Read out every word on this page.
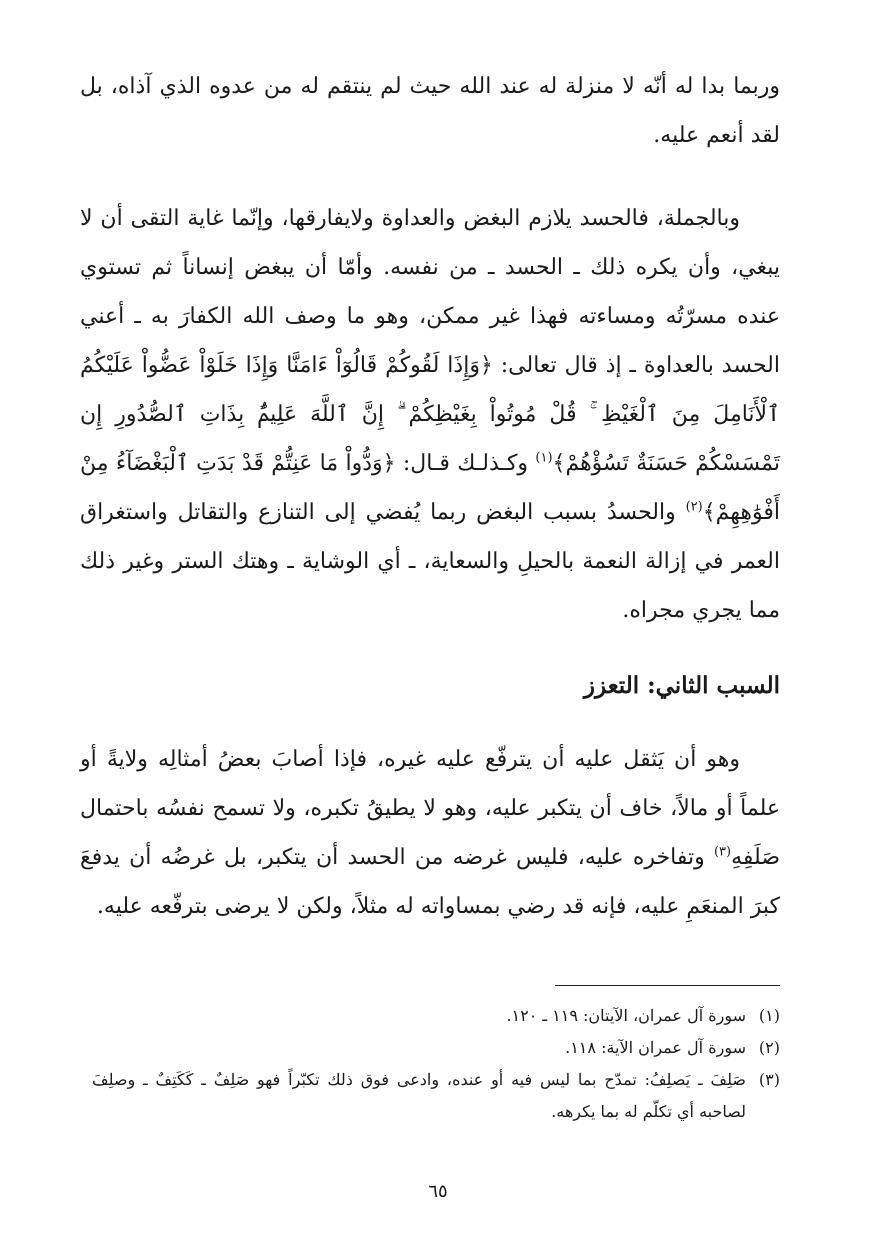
وربما بدا له أنّه لا منزلة له عند الله حيث لم ينتقم له من عدوه الذي آذاه، بل لقد أنعم عليه.

وبالجملة، فالحسد يلازم البغض والعداوة ولايفارقها، وإنّما غاية التقى أن لا يبغي، وأن يكره ذلك ـ الحسد ـ من نفسه. وأمّا أن يبغض إنساناً ثم تستوي عنده مسرّتُه ومساءته فهذا غير ممكن، وهو ما وصف الله الكفارَ به ـ أعني الحسد بالعداوة ـ إذ قال تعالى: ﴿وَإِذَا لَقُوكُمْ قَالُوٓاْ ءَامَنَّا وَإِذَا خَلَوْاْ عَضُّواْ عَلَيْكُمُ ٱلْأَنَامِلَ مِنَ ٱلْغَيْظِ ۚ قُلْ مُوتُواْ بِغَيْظِكُمْ ۗ إِنَّ ٱللَّهَ عَلِيمٌۢ بِذَاتِ ٱلصُّدُورِ إِن تَمْسَسْكُمْ حَسَنَةٌ تَسُؤْهُمْ﴾$^{(١)}$ وكـذلـك قـال: ﴿وَدُّواْ مَا عَنِتُّمْ قَدْ بَدَتِ ٱلْبَغْضَآءُ مِنْ أَفْوَٰهِهِمْ﴾$^{(٢)}$ والحسدُ بسبب البغض ربما يُفضي إلى التنازع والتقاتل واستغراق العمر في إزالة النعمة بالحيلِ والسعاية، ـ أي الوشاية ـ وهتك الستر وغير ذلك مما يجري مجراه.

السبب الثاني: التعزز

وهو أن يَثقل عليه أن يترفّع عليه غيره، فإذا أصابَ بعضُ أمثالِه ولايةً أو علماً أو مالاً، خاف أن يتكبر عليه، وهو لا يطيقُ تكبره، ولا تسمح نفسُه باحتمال صَلَفِهِ$^{(٣)}$ وتفاخره عليه، فليس غرضه من الحسد أن يتكبر، بل غرضُه أن يدفعَ كبرَ المنعَمِ عليه، فإنه قد رضي بمساواته له مثلاً، ولكن لا يرضى بترفّعه عليه.

(١)
سورة آل عمران، الآيتان: ١١٩ ـ ١٢٠.
(٢)
سورة آل عمران الآية: ١١٨.
(٣)
صَلِفَ ـ يَصلِفُ: تمدّح بما ليس فيه أو عنده، وادعى فوق ذلك تكبّراً فهو صَلِفٌ ـ كَكَتِفٌ ـ وصلِفَ لصاحبه أي تكلّم له بما يكرهه.
٦٥
